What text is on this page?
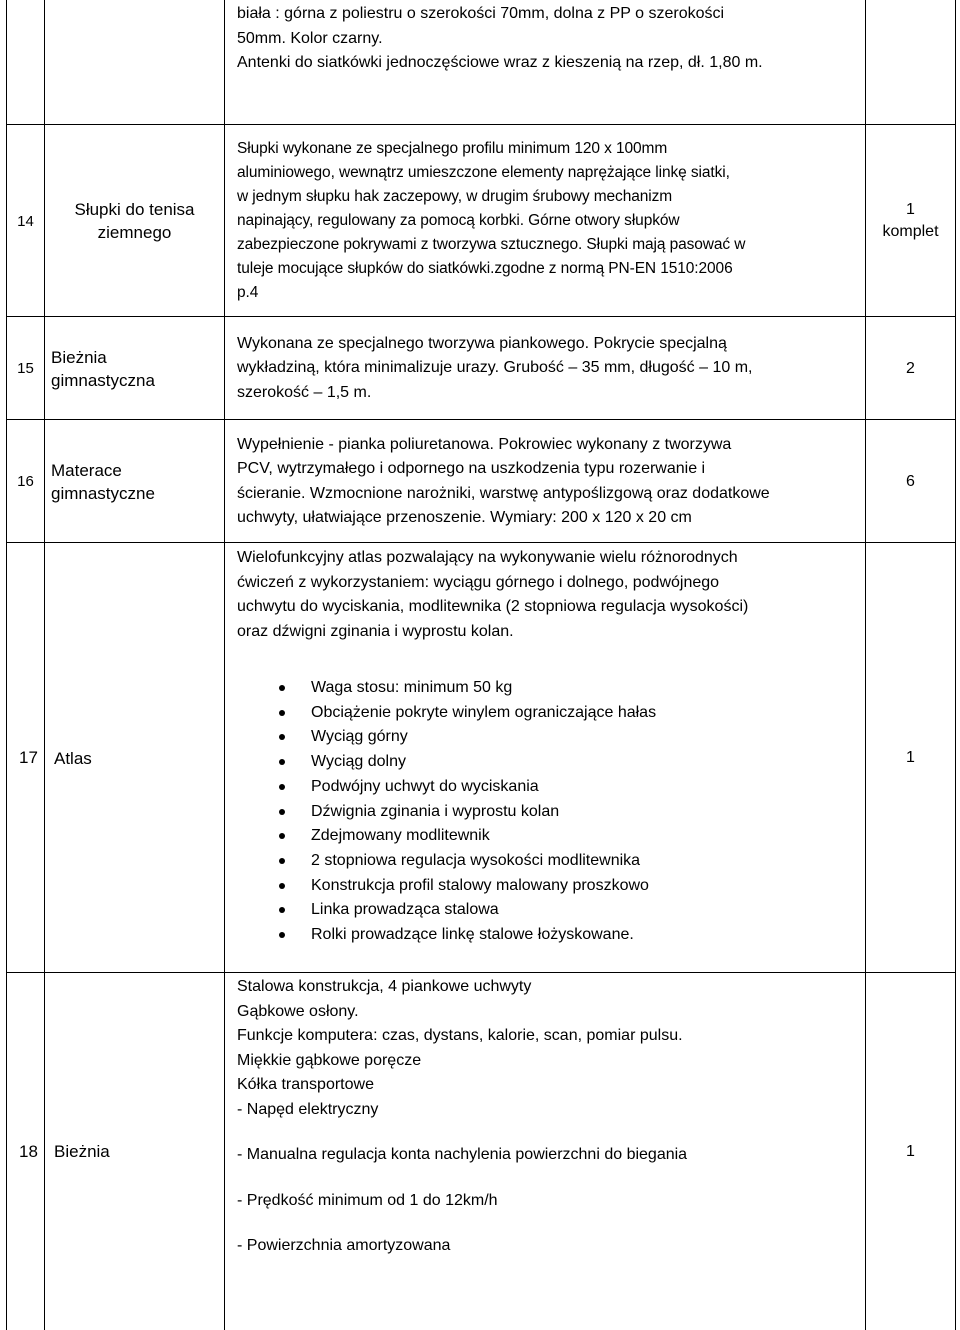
biała : górna z poliestru o szerokości 70mm, dolna z PP o szerokości

50mm. Kolor czarny.

Antenki do siatkówki jednoczęściowe wraz z kieszenią na rzep, dł. 1,80 m.

14
Słupki do tenisa
ziemnego

Słupki wykonane ze specjalnego profilu minimum 120 x 100mm

aluminiowego, wewnątrz umieszczone elementy naprężające linkę siatki,

w jednym słupku hak zaczepowy, w drugim śrubowy mechanizm

napinający, regulowany za pomocą korbki. Górne otwory słupków

zabezpieczone pokrywami z tworzywa sztucznego. Słupki mają pasować w

tuleje mocujące słupków do siatkówki.zgodne z normą PN-EN 1510:2006

p.4

1
komplet
15
Bieżnia
gimnastyczna

Wykonana ze specjalnego tworzywa piankowego. Pokrycie specjalną

wykładziną, która minimalizuje urazy. Grubość – 35 mm, długość – 10 m,

szerokość – 1,5 m.

2
16
Materace
gimnastyczne

Wypełnienie - pianka poliuretanowa. Pokrowiec wykonany z tworzywa

PCV, wytrzymałego i odpornego na uszkodzenia typu rozerwanie i

ścieranie. Wzmocnione narożniki, warstwę antypoślizgową oraz dodatkowe

uchwyty, ułatwiające przenoszenie. Wymiary: 200 x 120 x 20 cm

6
1
17 Atlas

Wielofunkcyjny atlas pozwalający na wykonywanie wielu różnorodnych

ćwiczeń z wykorzystaniem: wyciągu górnego i dolnego, podwójnego

uchwytu do wyciskania, modlitewnika (2 stopniowa regulacja wysokości)

oraz dźwigni zginania i wyprostu kolan.

Waga stosu: minimum 50 kg
Obciążenie pokryte winylem ograniczające hałas
Wyciąg górny
Wyciąg dolny
Podwójny uchwyt do wyciskania
Dźwignia zginania i wyprostu kolan
Zdejmowany modlitewnik
2 stopniowa regulacja wysokości modlitewnika
Konstrukcja profil stalowy malowany proszkowo
Linka prowadząca stalowa
Rolki prowadzące linkę stalowe łożyskowane.
1
18 Bieżnia

Stalowa konstrukcja, 4 piankowe uchwyty

Gąbkowe osłony.

Funkcje komputera: czas, dystans, kalorie, scan, pomiar pulsu.

Miękkie gąbkowe poręcze

Kółka transportowe

- Napęd elektryczny

- Manualna regulacja konta nachylenia powierzchni do biegania

- Prędkość minimum od 1 do 12km/h

- Powierzchnia amortyzowana
